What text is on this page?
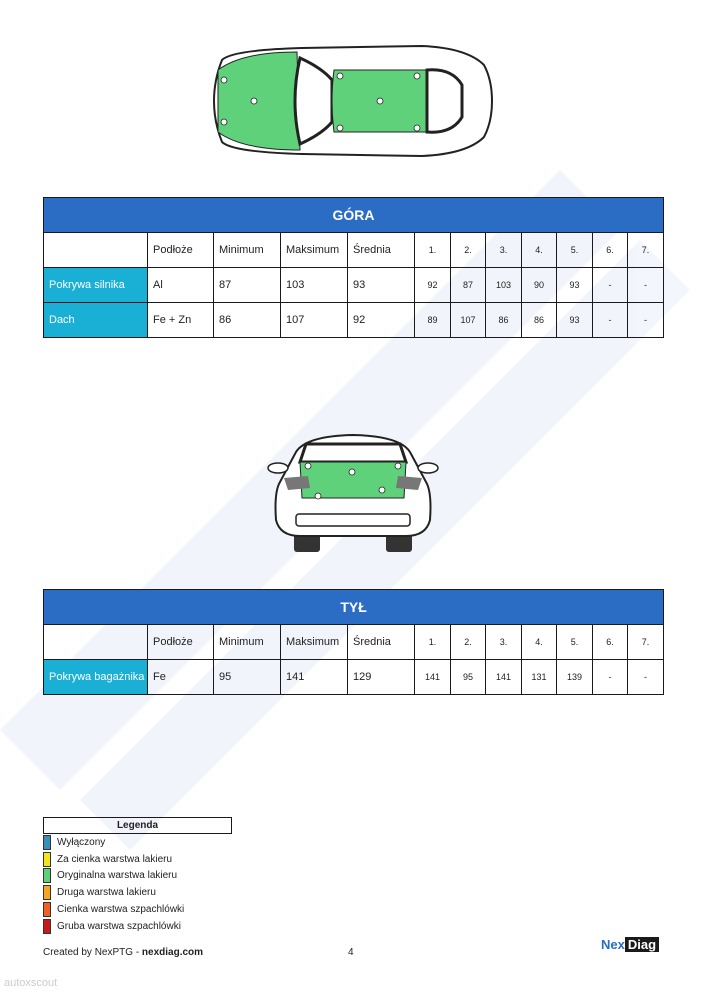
GÓRA											
	Podłoże	Minimum	Maksimum	Średnia	1.	2.	3.	4.	5.	6.	7.
Pokrywa silnika	Al	87	103	93	92	87	103	90	93	-	-
Dach	Fe + Zn	86	107	92	89	107	86	86	93	-	-
TYŁ											
	Podłoże	Minimum	Maksimum	Średnia	1.	2.	3.	4.	5.	6.	7.
Pokrywa bagażnika	Fe	95	141	129	141	95	141	131	139	-	-
Legenda
Wyłączony
Za cienka warstwa lakieru
Oryginalna warstwa lakieru
Druga warstwa lakieru
Cienka warstwa szpachlówki
Gruba warstwa szpachlówki
Created by NexPTG - nexdiag.com	4
Nex Diag
autoxscout
